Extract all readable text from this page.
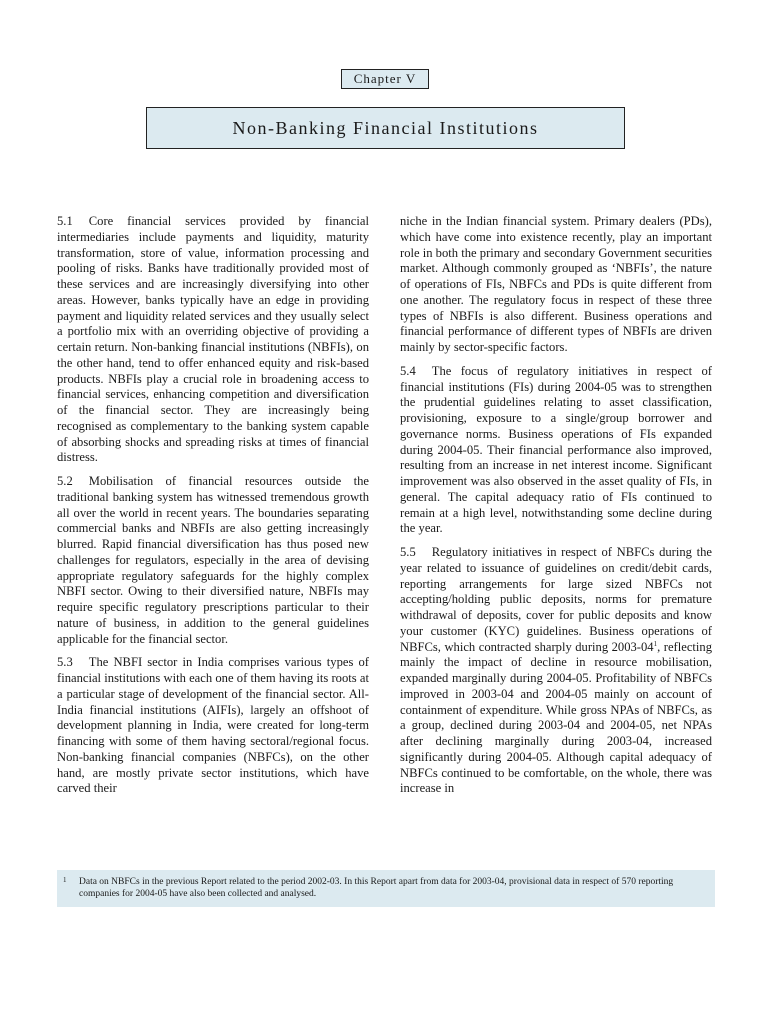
Chapter V
Non-Banking Financial Institutions

5.1 Core financial services provided by financial intermediaries include payments and liquidity, maturity transformation, store of value, information processing and pooling of risks. Banks have traditionally provided most of these services and are increasingly diversifying into other areas. However, banks typically have an edge in providing payment and liquidity related services and they usually select a portfolio mix with an overriding objective of providing a certain return. Non-banking financial institutions (NBFIs), on the other hand, tend to offer enhanced equity and risk-based products. NBFIs play a crucial role in broadening access to financial services, enhancing competition and diversification of the financial sector. They are increasingly being recognised as complementary to the banking system capable of absorbing shocks and spreading risks at times of financial distress.

5.2 Mobilisation of financial resources outside the traditional banking system has witnessed tremendous growth all over the world in recent years. The boundaries separating commercial banks and NBFIs are also getting increasingly blurred. Rapid financial diversification has thus posed new challenges for regulators, especially in the area of devising appropriate regulatory safeguards for the highly complex NBFI sector. Owing to their diversified nature, NBFIs may require specific regulatory prescriptions particular to their nature of business, in addition to the general guidelines applicable for the financial sector.

5.3 The NBFI sector in India comprises various types of financial institutions with each one of them having its roots at a particular stage of development of the financial sector. All-India financial institutions (AIFIs), largely an offshoot of development planning in India, were created for long-term financing with some of them having sectoral/regional focus. Non-banking financial companies (NBFCs), on the other hand, are mostly private sector institutions, which have carved their

niche in the Indian financial system. Primary dealers (PDs), which have come into existence recently, play an important role in both the primary and secondary Government securities market. Although commonly grouped as ‘NBFIs’, the nature of operations of FIs, NBFCs and PDs is quite different from one another. The regulatory focus in respect of these three types of NBFIs is also different. Business operations and financial performance of different types of NBFIs are driven mainly by sector-specific factors.

5.4 The focus of regulatory initiatives in respect of financial institutions (FIs) during 2004-05 was to strengthen the prudential guidelines relating to asset classification, provisioning, exposure to a single/group borrower and governance norms. Business operations of FIs expanded during 2004-05. Their financial performance also improved, resulting from an increase in net interest income. Significant improvement was also observed in the asset quality of FIs, in general. The capital adequacy ratio of FIs continued to remain at a high level, notwithstanding some decline during the year.

5.5 Regulatory initiatives in respect of NBFCs during the year related to issuance of guidelines on credit/debit cards, reporting arrangements for large sized NBFCs not accepting/holding public deposits, norms for premature withdrawal of deposits, cover for public deposits and know your customer (KYC) guidelines. Business operations of NBFCs, which contracted sharply during $2003-04^1$, reflecting mainly the impact of decline in resource mobilisation, expanded marginally during 2004-05. Profitability of NBFCs improved in 2003-04 and 2004-05 mainly on account of containment of expenditure. While gross NPAs of NBFCs, as a group, declined during 2003-04 and 2004-05, net NPAs after declining marginally during 2003-04, increased significantly during 2004-05. Although capital adequacy of NBFCs continued to be comfortable, on the whole, there was increase in

1 Data on NBFCs in the previous Report related to the period 2002-03. In this Report apart from data for 2003-04, provisional data in respect of 570 reporting companies for 2004-05 have also been collected and analysed.
